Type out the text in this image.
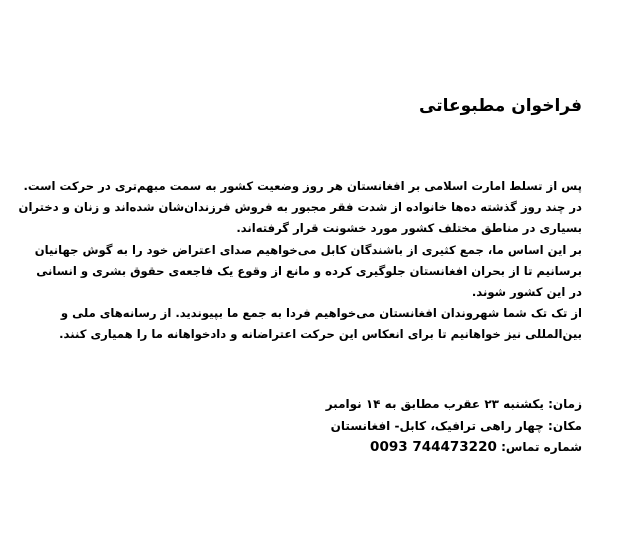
فراخوان مطبوعاتی
پس از تسلط امارت اسلامی بر افغانستان هر روز وضعیت کشور به سمت مبهم‌تری در حرکت است.
در چند روز گذشته ده‌ها خانواده از شدت فقر مجبور به فروش فرزندان‌شان شده‌اند و زنان و دختران
بسیاری در مناطق مختلف کشور مورد خشونت قرار گرفته‌اند.
بر این اساس ما، جمع کثیری از باشندگان کابل می‌خواهیم صدای اعتراض خود را به گوش جهانیان
برسانیم تا از بحران افغانستان جلوگیری کرده و مانع از وقوع یک فاجعه‌ی حقوق بشری و انسانی
در این کشور شوند.
از تک تک شما شهروندان افغانستان می‌خواهیم فردا به جمع ما بپیوندید. از رسانه‌های ملی و
بین‌المللی نیز خواهانیم تا برای انعکاس این حرکت اعتراضانه و دادخواهانه ما را همیاری کنند.
زمان: یکشنبه ۲۳ عقرب مطابق به ۱۴ نوامبر
مکان: چهار راهی ترافیک، کابل- افغانستان
شماره تماس: 0093 744473220
